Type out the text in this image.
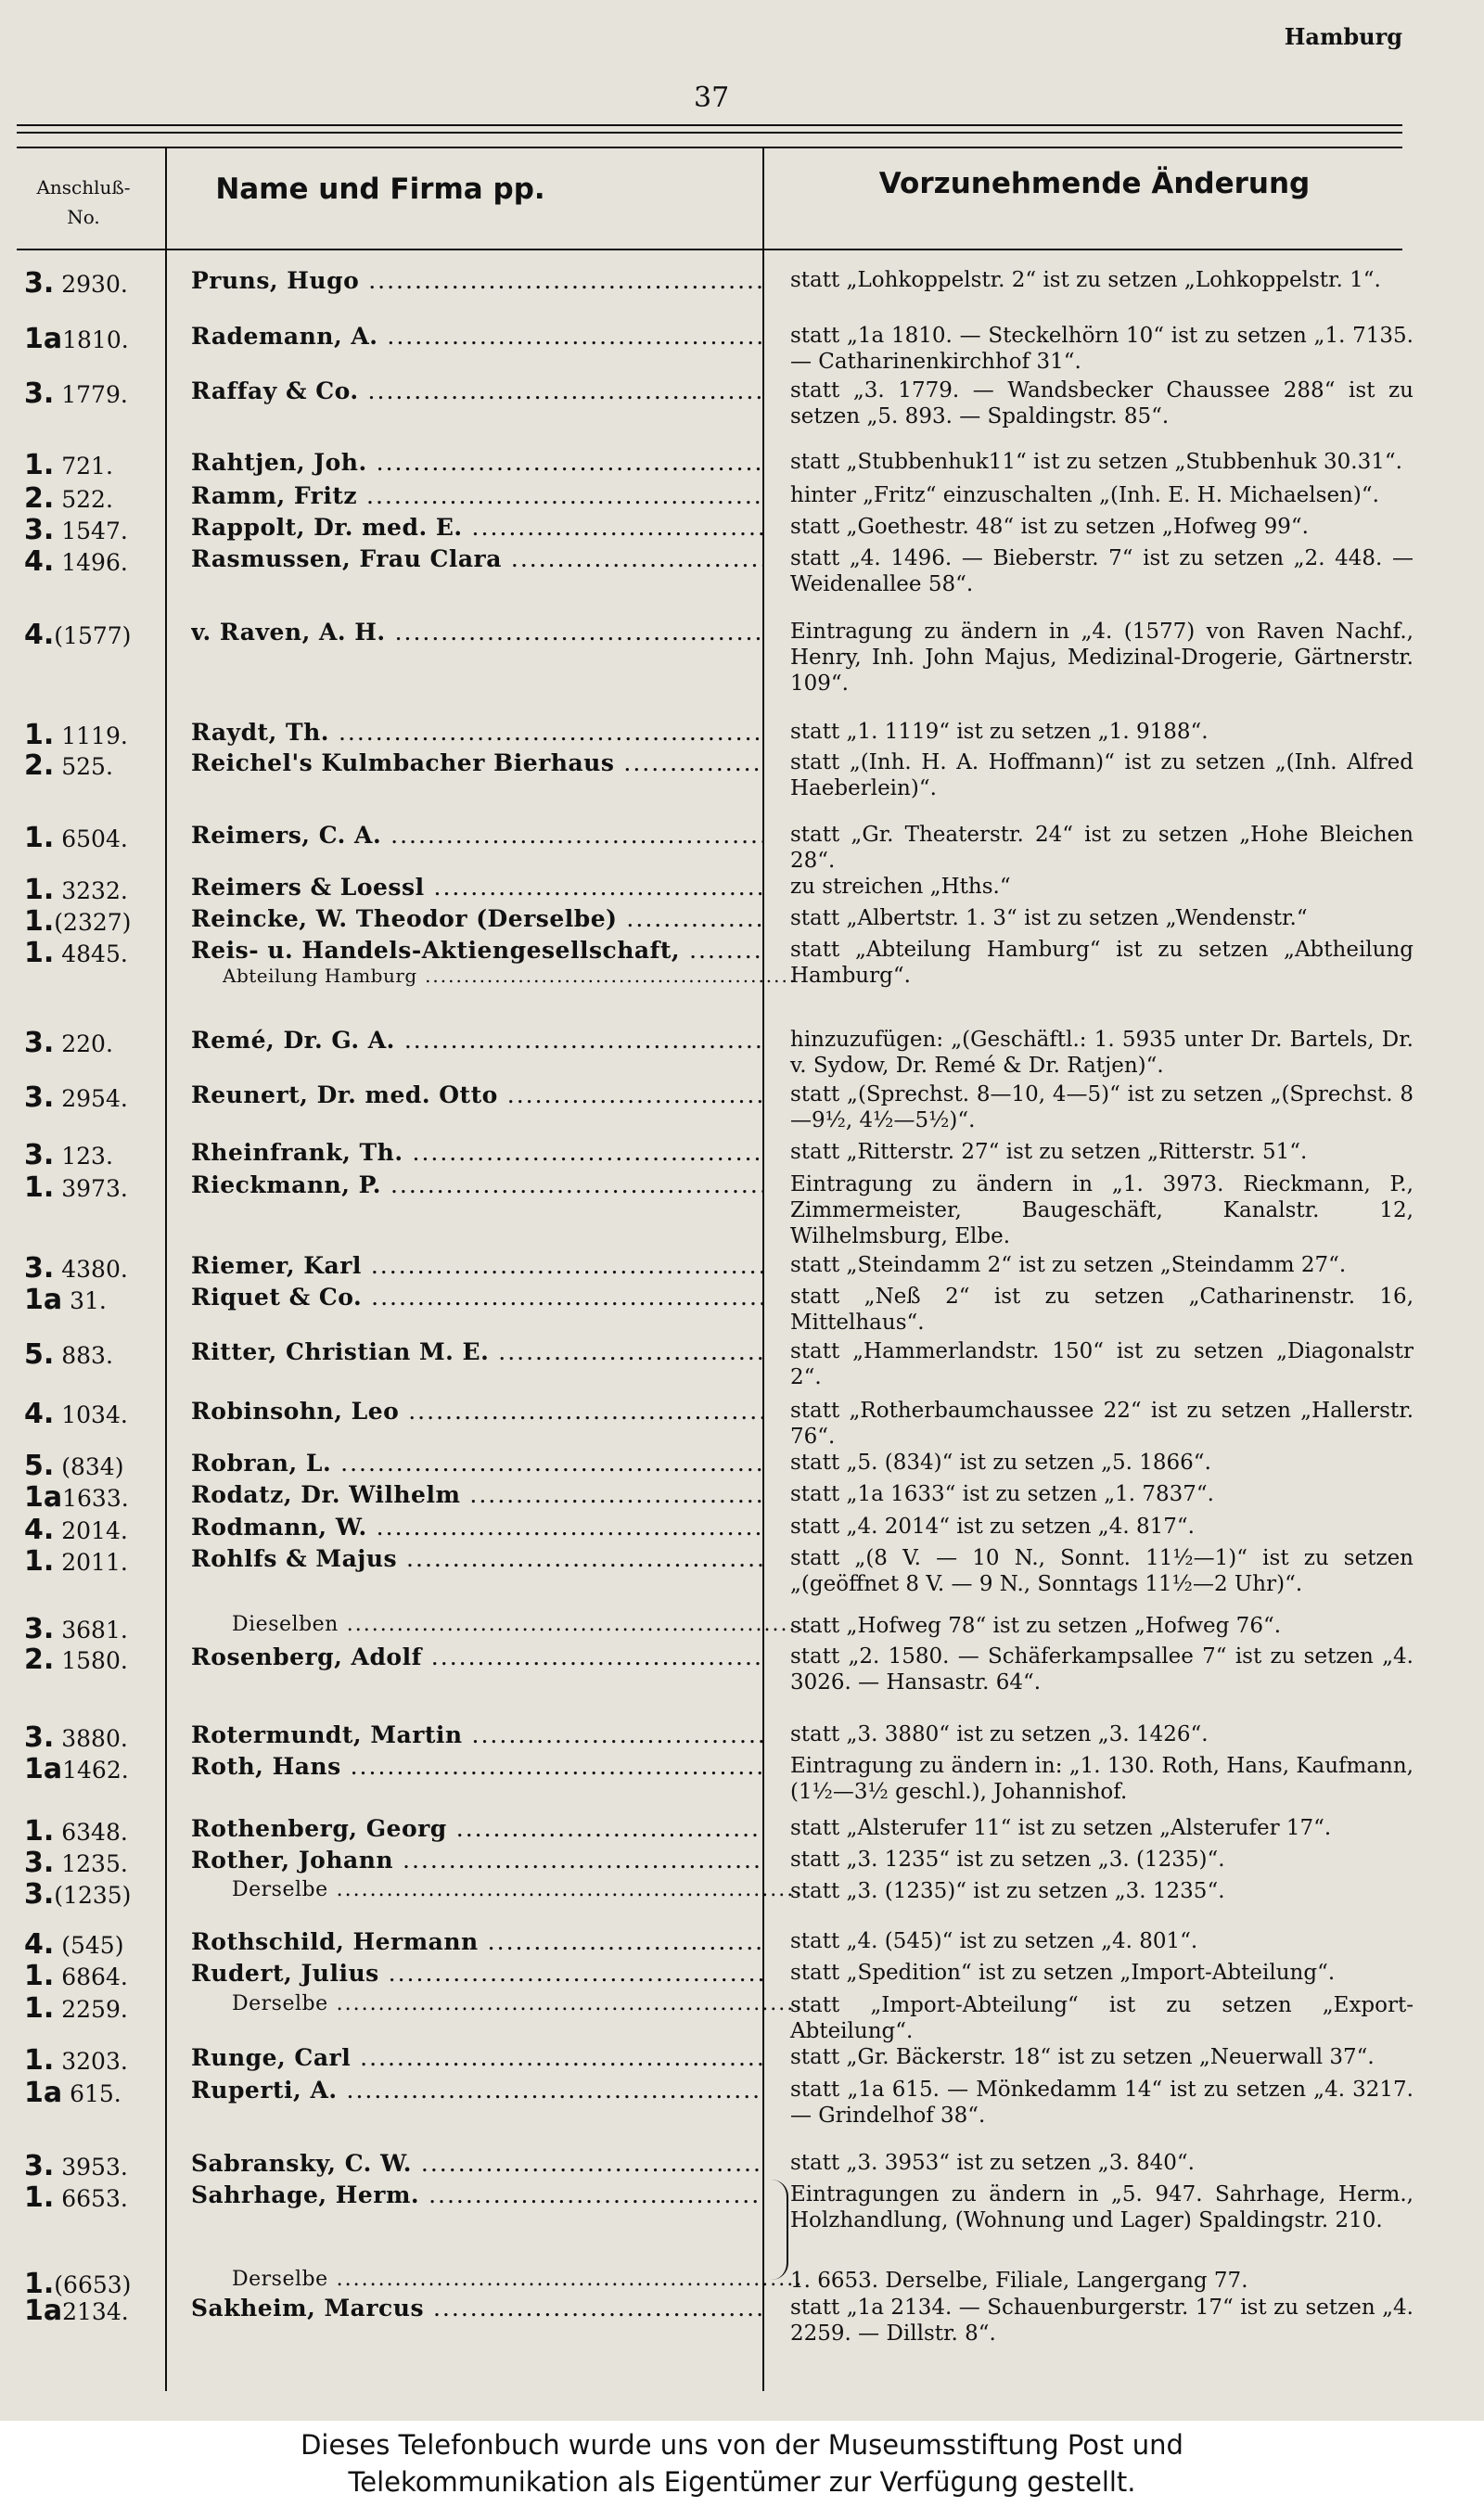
Hamburg
37
Anschluß-
No.
Name und Firma pp.	Vorzunehmende Änderung
3. 2930.	Pruns, Hugo .....	statt „Lohkoppelstr. 2“ ist zu setzen „Lohkoppelstr. 1“.
1a1810.	Rademann, A. .....	statt „1a 1810. — Steckelhörn 10“ ist zu setzen „1. 7135. — Catharinenkirchhof 31“.
3. 1779.	Raffay & Co. .....	statt „3. 1779. — Wandsbecker Chaussee 288“ ist zu setzen „5. 893. — Spaldingstr. 85“.
1. 721.	Rahtjen, Joh. .....	statt „Stubbenhuk11“ ist zu setzen „Stubbenhuk 30.31“.
2. 522.	Ramm, Fritz .....	hinter „Fritz“ einzuschalten „(Inh. E. H. Michaelsen)“.
3. 1547.	Rappolt, Dr. med. E. .....	statt „Goethestr. 48“ ist zu setzen „Hofweg 99“.
4. 1496.	Rasmussen, Frau Clara .....	statt „4. 1496. — Bieberstr. 7“ ist zu setzen „2. 448. — Weidenallee 58“.
4.(1577)	v. Raven, A. H. .....	Eintragung zu ändern in „4. (1577) von Raven Nachf., Henry, Inh. John Majus, Medizinal-Drogerie, Gärtnerstr. 109“.
1. 1119.	Raydt, Th. .....	statt „1. 1119“ ist zu setzen „1. 9188“.
2. 525.	Reichel's Kulmbacher Bierhaus .....	statt „(Inh. H. A. Hoffmann)“ ist zu setzen „(Inh. Alfred Haeberlein)“.
1. 6504.	Reimers, C. A. .....	statt „Gr. Theaterstr. 24“ ist zu setzen „Hohe Bleichen 28“.
1. 3232.	Reimers & Loessl .....	zu streichen „Hths.“
1.(2327)	Reincke, W. Theodor (Derselbe) .....	statt „Albertstr. 1. 3“ ist zu setzen „Wendenstr.“
1. 4845.	Reis- u. Handels-Aktiengesellschaft, .....	statt „Abteilung Hamburg“ ist zu setzen „Abtheilung Hamburg“.
Abteilung Hamburg .....
3. 220.	Remé, Dr. G. A. .....	hinzuzufügen: „(Geschäftl.: 1. 5935 unter Dr. Bartels, Dr. v. Sydow, Dr. Remé & Dr. Ratjen)“.
3. 2954.	Reunert, Dr. med. Otto .....	statt „(Sprechst. 8—10, 4—5)“ ist zu setzen „(Sprechst. 8—9½, 4½—5½)“.
3. 123.	Rheinfrank, Th. .....	statt „Ritterstr. 27“ ist zu setzen „Ritterstr. 51“.
1. 3973.	Rieckmann, P. .....	Eintragung zu ändern in „1. 3973. Rieckmann, P., Zimmermeister, Baugeschäft, Kanalstr. 12, Wilhelmsburg, Elbe.
3. 4380.	Riemer, Karl .....	statt „Steindamm 2“ ist zu setzen „Steindamm 27“.
1a 31.	Riquet & Co. .....	statt „Neß 2“ ist zu setzen „Catharinenstr. 16, Mittelhaus“.
5. 883.	Ritter, Christian M. E. .....	statt „Hammerlandstr. 150“ ist zu setzen „Diagonalstr 2“.
4. 1034.	Robinsohn, Leo .....	statt „Rotherbaumchaussee 22“ ist zu setzen „Hallerstr. 76“.
5. (834)	Robran, L. .....	statt „5. (834)“ ist zu setzen „5. 1866“.
1a1633.	Rodatz, Dr. Wilhelm .....	statt „1a 1633“ ist zu setzen „1. 7837“.
4. 2014.	Rodmann, W. .....	statt „4. 2014“ ist zu setzen „4. 817“.
1. 2011.	Rohlfs & Majus .....	statt „(8 V. — 10 N., Sonnt. 11½—1)“ ist zu setzen „(geöffnet 8 V. — 9 N., Sonntags 11½—2 Uhr)“.
3. 3681.	Dieselben .....	statt „Hofweg 78“ ist zu setzen „Hofweg 76“.
2. 1580.	Rosenberg, Adolf .....	statt „2. 1580. — Schäferkampsallee 7“ ist zu setzen „4. 3026. — Hansastr. 64“.
3. 3880.	Rotermundt, Martin .....	statt „3. 3880“ ist zu setzen „3. 1426“.
1a1462.	Roth, Hans .....	Eintragung zu ändern in: „1. 130. Roth, Hans, Kaufmann, (1½—3½ geschl.), Johannishof.
1. 6348.	Rothenberg, Georg .....	statt „Alsterufer 11“ ist zu setzen „Alsterufer 17“.
3. 1235.	Rother, Johann .....	statt „3. 1235“ ist zu setzen „3. (1235)“.
3.(1235)	Derselbe .....	statt „3. (1235)“ ist zu setzen „3. 1235“.
4. (545)	Rothschild, Hermann .....	statt „4. (545)“ ist zu setzen „4. 801“.
1. 6864.	Rudert, Julius .....	statt „Spedition“ ist zu setzen „Import-Abteilung“.
1. 2259.	Derselbe .....	statt „Import-Abteilung“ ist zu setzen „Export-Abteilung“.
1. 3203.	Runge, Carl .....	statt „Gr. Bäckerstr. 18“ ist zu setzen „Neuerwall 37“.
1a 615.	Ruperti, A. .....	statt „1a 615. — Mönkedamm 14“ ist zu setzen „4. 3217. — Grindelhof 38“.
3. 3953.	Sabransky, C. W. .....	statt „3. 3953“ ist zu setzen „3. 840“.
1. 6653.	Sahrhage, Herm. .....	Eintragungen zu ändern in „5. 947. Sahrhage, Herm., Holzhandlung, (Wohnung und Lager) Spaldingstr. 210.
1.(6653)	Derselbe .....	1. 6653. Derselbe, Filiale, Langergang 77.
1a2134.	Sakheim, Marcus .....	statt „1a 2134. — Schauenburgerstr. 17“ ist zu setzen „4. 2259. — Dillstr. 8“.
Dieses Telefonbuch wurde uns von der Museumsstiftung Post und
Telekommunikation als Eigentümer zur Verfügung gestellt.
